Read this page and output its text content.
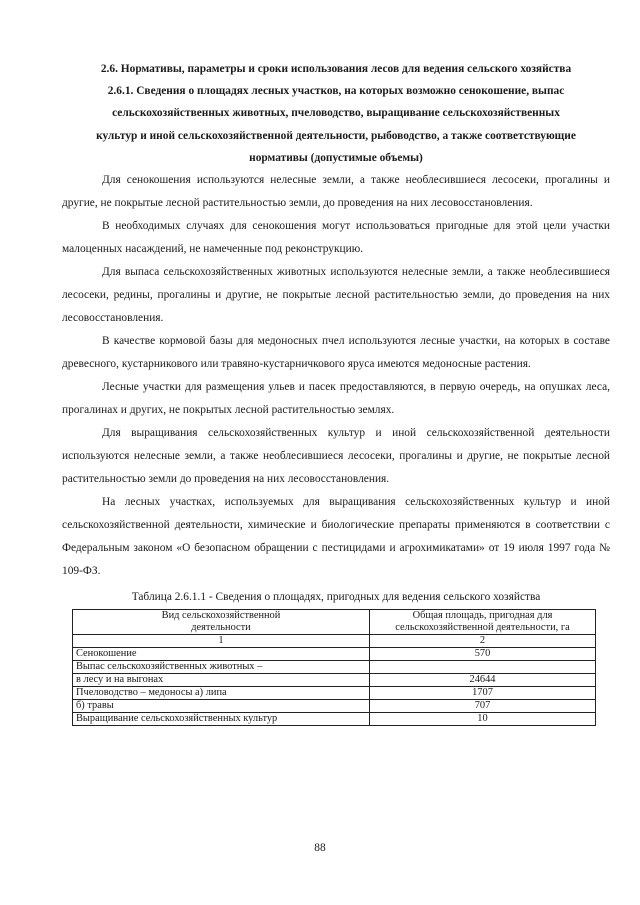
2.6. Нормативы, параметры и сроки использования лесов для ведения сельского хозяйства

2.6.1. Сведения о площадях лесных участков, на которых возможно сенокошение, выпас

сельскохозяйственных животных, пчеловодство, выращивание сельскохозяйственных

культур и иной сельскохозяйственной деятельности, рыбоводство, а также соответствующие

нормативы (допустимые объемы)

Для сенокошения используются нелесные земли, а также необлесившиеся лесосеки, прогалины и другие, не покрытые лесной растительностью земли, до проведения на них лесовосстановления.

В необходимых случаях для сенокошения могут использоваться пригодные для этой цели участки малоценных насаждений, не намеченные под реконструкцию.

Для выпаса сельскохозяйственных животных используются нелесные земли, а также необлесившиеся лесосеки, редины, прогалины и другие, не покрытые лесной растительностью земли, до проведения на них лесовосстановления.

В качестве кормовой базы для медоносных пчел используются лесные участки, на которых в составе древесного, кустарникового или травяно-кустарничкового яруса имеются медоносные растения.

Лесные участки для размещения ульев и пасек предоставляются, в первую очередь, на опушках леса, прогалинах и других, не покрытых лесной растительностью землях.

Для выращивания сельскохозяйственных культур и иной сельскохозяйственной деятельности используются нелесные земли, а также необлесившиеся лесосеки, прогалины и другие, не покрытые лесной растительностью земли до проведения на них лесовосстановления.

На лесных участках, используемых для выращивания сельскохозяйственных культур и иной сельскохозяйственной деятельности, химические и биологические препараты применяются в соответствии с Федеральным законом «О безопасном обращении с пестицидами и агрохимикатами» от 19 июля 1997 года № 109-ФЗ.

Таблица 2.6.1.1 - Сведения о площадях, пригодных для ведения сельского хозяйства

Вид сельскохозяйственной
деятельности	Общая площадь, пригодная для
сельскохозяйственной деятельности, га
1	2
Сенокошение	570
Выпас сельскохозяйственных животных –	
в лесу и на выгонах	24644
Пчеловодство – медоносы а) липа	1707
б) травы	707
Выращивание сельскохозяйственных культур	10
88
